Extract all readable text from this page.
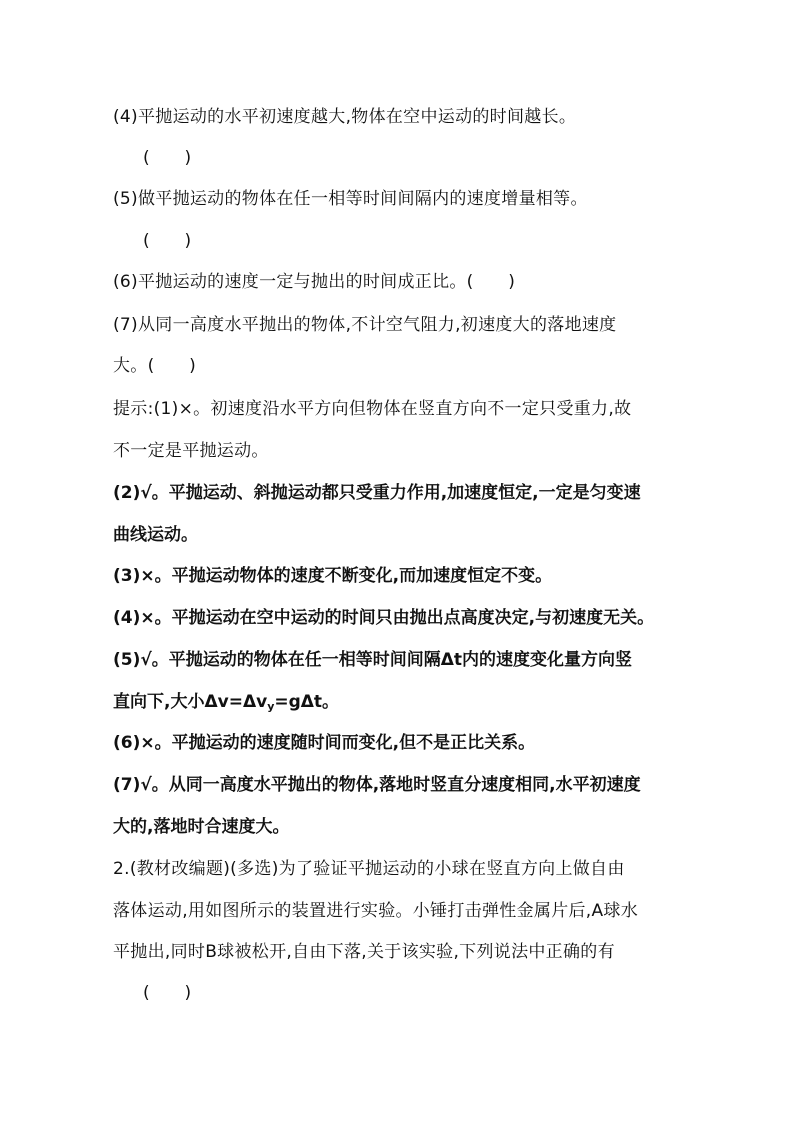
(4)平抛运动的水平初速度越大,物体在空中运动的时间越长。
(　　)
(5)做平抛运动的物体在任一相等时间间隔内的速度增量相等。
(　　)
(6)平抛运动的速度一定与抛出的时间成正比。(　　)
(7)从同一高度水平抛出的物体,不计空气阻力,初速度大的落地速度
大。(　　)
提示:(1)×。初速度沿水平方向但物体在竖直方向不一定只受重力,故
不一定是平抛运动。
(2)√。平抛运动、斜抛运动都只受重力作用,加速度恒定,一定是匀变速
曲线运动。
(3)×。平抛运动物体的速度不断变化,而加速度恒定不变。
(4)×。平抛运动在空中运动的时间只由抛出点高度决定,与初速度无关。
(5)√。平抛运动的物体在任一相等时间间隔Δt内的速度变化量方向竖
直向下,大小$\Delta v=\Delta v_y=g\Delta t$。
(6)×。平抛运动的速度随时间而变化,但不是正比关系。
(7)√。从同一高度水平抛出的物体,落地时竖直分速度相同,水平初速度
大的,落地时合速度大。
2.(教材改编题)(多选)为了验证平抛运动的小球在竖直方向上做自由
落体运动,用如图所示的装置进行实验。小锤打击弹性金属片后,A球水
平抛出,同时B球被松开,自由下落,关于该实验,下列说法中正确的有
(　　)
